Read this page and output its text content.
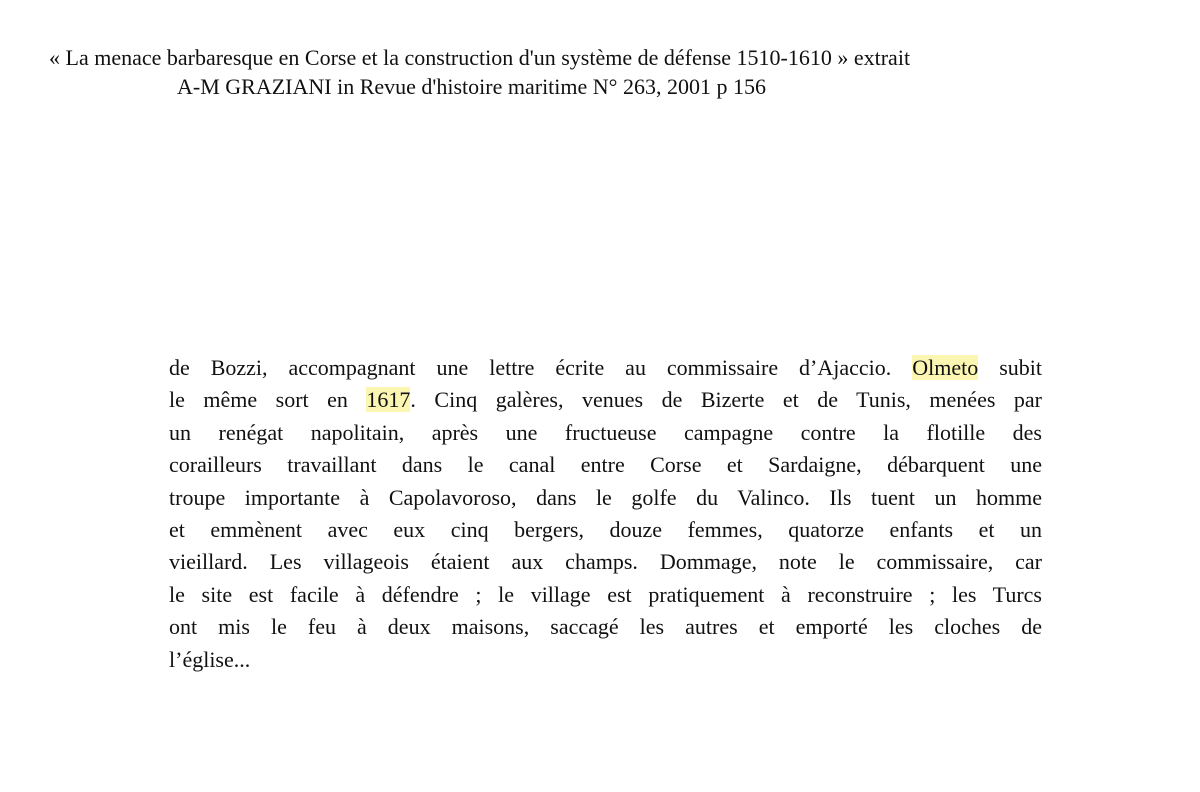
« La menace barbaresque en Corse et la construction d'un système de défense 1510-1610 » extrait
A-M GRAZIANI in Revue d'histoire maritime N° 263, 2001 p 156
de Bozzi, accompagnant une lettre écrite au commissaire d’Ajaccio. Olmeto subit
le même sort en 1617. Cinq galères, venues de Bizerte et de Tunis, menées par
un renégat napolitain, après une fructueuse campagne contre la flotille des
corailleurs travaillant dans le canal entre Corse et Sardaigne, débarquent une
troupe importante à Capolavoroso, dans le golfe du Valinco. Ils tuent un homme
et emmènent avec eux cinq bergers, douze femmes, quatorze enfants et un
vieillard. Les villageois étaient aux champs. Dommage, note le commissaire, car
le site est facile à défendre ; le village est pratiquement à reconstruire ; les Turcs
ont mis le feu à deux maisons, saccagé les autres et emporté les cloches de
l’église...
